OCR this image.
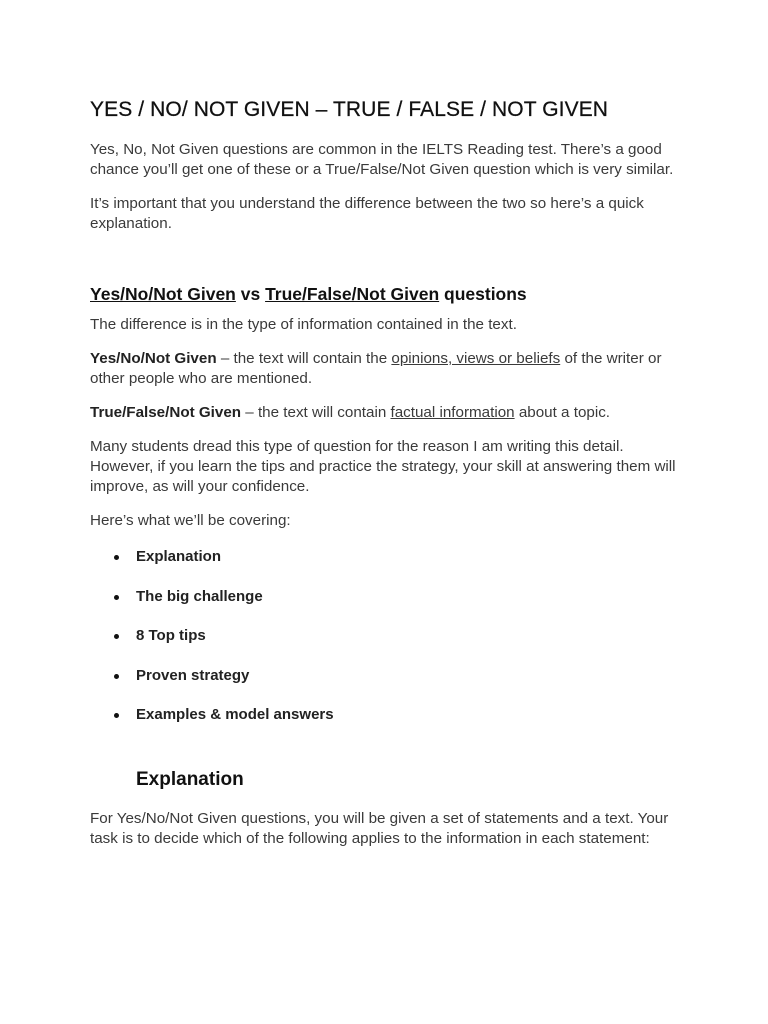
YES / NO/ NOT GIVEN – TRUE / FALSE / NOT GIVEN

Yes, No, Not Given questions are common in the IELTS Reading test. There’s a good chance you’ll get one of these or a True/False/Not Given question which is very similar.

It’s important that you understand the difference between the two so here’s a quick explanation.

Yes/No/Not Given vs True/False/Not Given questions

The difference is in the type of information contained in the text.

Yes/No/Not Given – the text will contain the opinions, views or beliefs of the writer or other people who are mentioned.

True/False/Not Given – the text will contain factual information about a topic.

Many students dread this type of question for the reason I am writing this detail. However, if you learn the tips and practice the strategy, your skill at answering them will improve, as will your confidence.

Here’s what we’ll be covering:

Explanation
The big challenge
8 Top tips
Proven strategy
Examples & model answers
Explanation

For Yes/No/Not Given questions, you will be given a set of statements and a text. Your task is to decide which of the following applies to the information in each statement:
